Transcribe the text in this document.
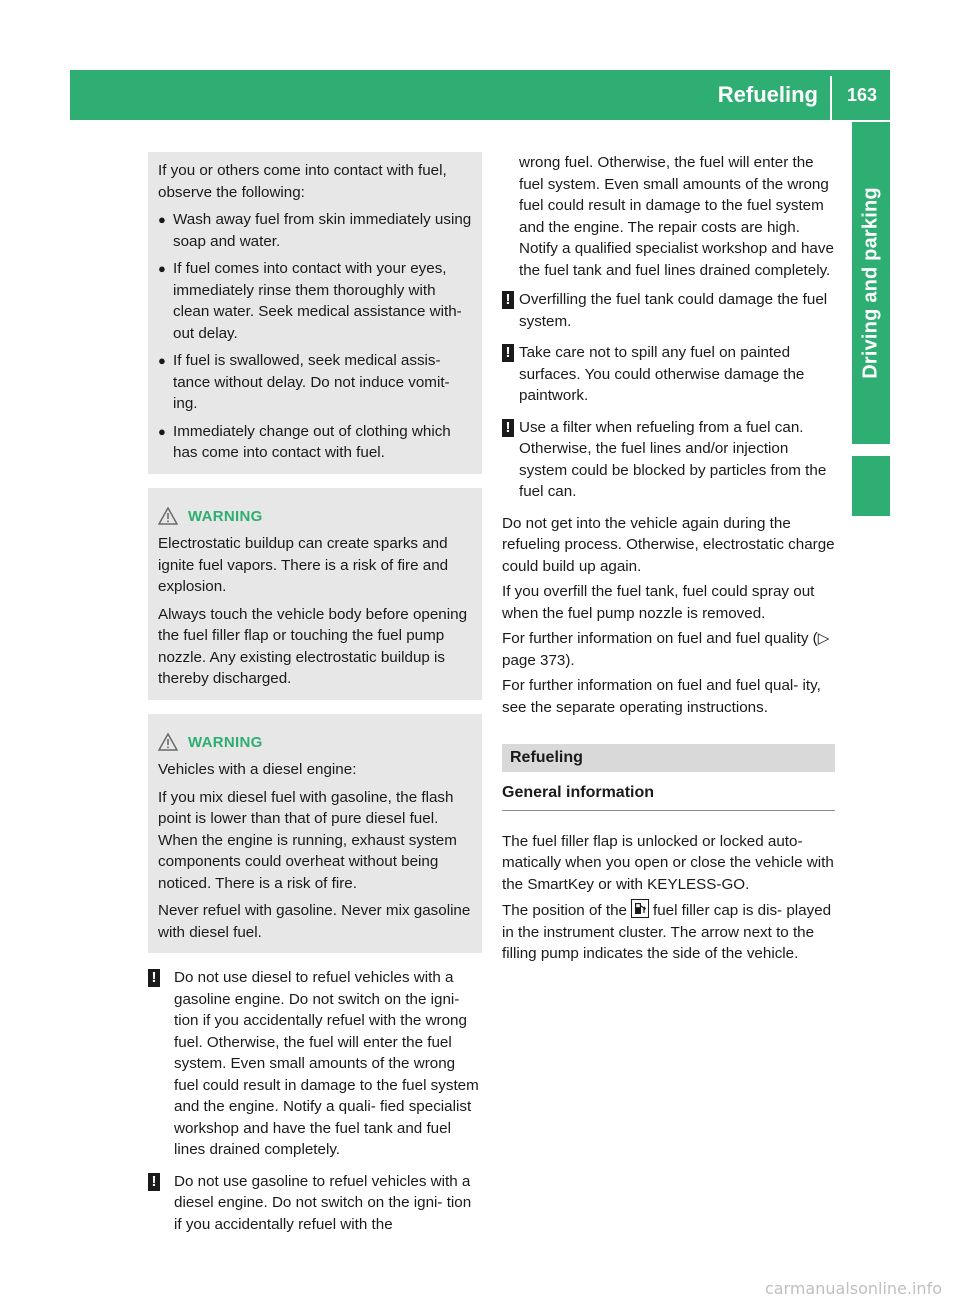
Refueling	163
Driving and parking

If you or others come into contact with fuel, observe the following:

● Wash away fuel from skin immediately using soap and water.
● If fuel comes into contact with your eyes, immediately rinse them thoroughly with clean water. Seek medical assistance with- out delay.
● If fuel is swallowed, seek medical assis- tance without delay. Do not induce vomit- ing.
● Immediately change out of clothing which has come into contact with fuel.
WARNING

Electrostatic buildup can create sparks and ignite fuel vapors. There is a risk of fire and explosion.

Always touch the vehicle body before opening the fuel filler flap or touching the fuel pump nozzle. Any existing electrostatic buildup is thereby discharged.

WARNING

Vehicles with a diesel engine:

If you mix diesel fuel with gasoline, the flash point is lower than that of pure diesel fuel. When the engine is running, exhaust system components could overheat without being noticed. There is a risk of fire.

Never refuel with gasoline. Never mix gasoline with diesel fuel.

! Do not use diesel to refuel vehicles with a gasoline engine. Do not switch on the igni- tion if you accidentally refuel with the wrong fuel. Otherwise, the fuel will enter the fuel system. Even small amounts of the wrong fuel could result in damage to the fuel system and the engine. Notify a quali- fied specialist workshop and have the fuel tank and fuel lines drained completely.
! Do not use gasoline to refuel vehicles with a diesel engine. Do not switch on the igni- tion if you accidentally refuel with the

wrong fuel. Otherwise, the fuel will enter the fuel system. Even small amounts of the wrong fuel could result in damage to the fuel system and the engine. The repair costs are high. Notify a qualified specialist workshop and have the fuel tank and fuel lines drained completely.

! Overfilling the fuel tank could damage the fuel system.
! Take care not to spill any fuel on painted surfaces. You could otherwise damage the paintwork.
! Use a filter when refueling from a fuel can. Otherwise, the fuel lines and/or injection system could be blocked by particles from the fuel can.

Do not get into the vehicle again during the refueling process. Otherwise, electrostatic charge could build up again.

If you overfill the fuel tank, fuel could spray out when the fuel pump nozzle is removed.

For further information on fuel and fuel quality (▷ page 373).

For further information on fuel and fuel qual- ity, see the separate operating instructions.

Refueling
General information

The fuel filler flap is unlocked or locked auto- matically when you open or close the vehicle with the SmartKey or with KEYLESS-GO.

The position of the fuel filler cap is dis- played in the instrument cluster. The arrow next to the filling pump indicates the side of the vehicle.

carmanualsonline.info
